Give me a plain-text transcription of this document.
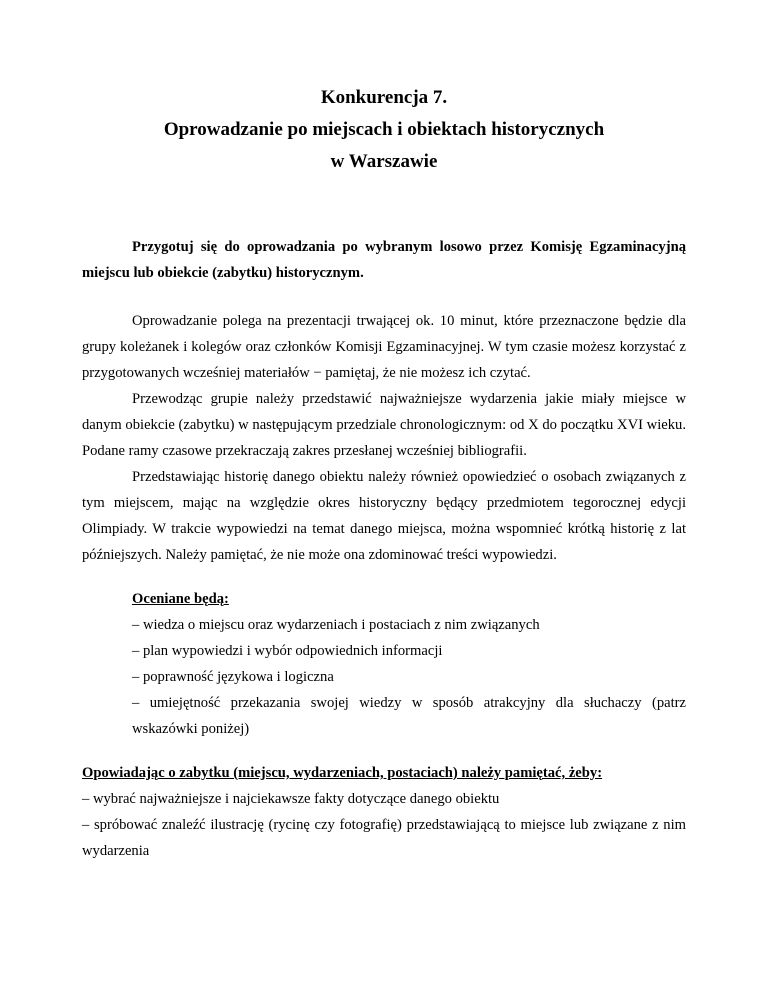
Konkurencja 7.
Oprowadzanie po miejscach i obiektach historycznych
w Warszawie

Przygotuj się do oprowadzania po wybranym losowo przez Komisję Egzaminacyjną miejscu lub obiekcie (zabytku) historycznym.

Oprowadzanie polega na prezentacji trwającej ok. 10 minut, które przeznaczone będzie dla grupy koleżanek i kolegów oraz członków Komisji Egzaminacyjnej. W tym czasie możesz korzystać z przygotowanych wcześniej materiałów − pamiętaj, że nie możesz ich czytać.

Przewodząc grupie należy przedstawić najważniejsze wydarzenia jakie miały miejsce w danym obiekcie (zabytku) w następującym przedziale chronologicznym: od X do początku XVI wieku. Podane ramy czasowe przekraczają zakres przesłanej wcześniej bibliografii.

Przedstawiając historię danego obiektu należy również opowiedzieć o osobach związanych z tym miejscem, mając na względzie okres historyczny będący przedmiotem tegorocznej edycji Olimpiady. W trakcie wypowiedzi na temat danego miejsca, można wspomnieć krótką historię z lat późniejszych. Należy pamiętać, że nie może ona zdominować treści wypowiedzi.

Oceniane będą:

– wiedza o miejscu oraz wydarzeniach i postaciach z nim związanych

– plan wypowiedzi i wybór odpowiednich informacji

– poprawność językowa i logiczna

– umiejętność przekazania swojej wiedzy w sposób atrakcyjny dla słuchaczy (patrz wskazówki poniżej)

Opowiadając o zabytku (miejscu, wydarzeniach, postaciach) należy pamiętać, żeby:

– wybrać najważniejsze i najciekawsze fakty dotyczące danego obiektu

– spróbować znaleźć ilustrację (rycinę czy fotografię) przedstawiającą to miejsce lub związane z nim wydarzenia
